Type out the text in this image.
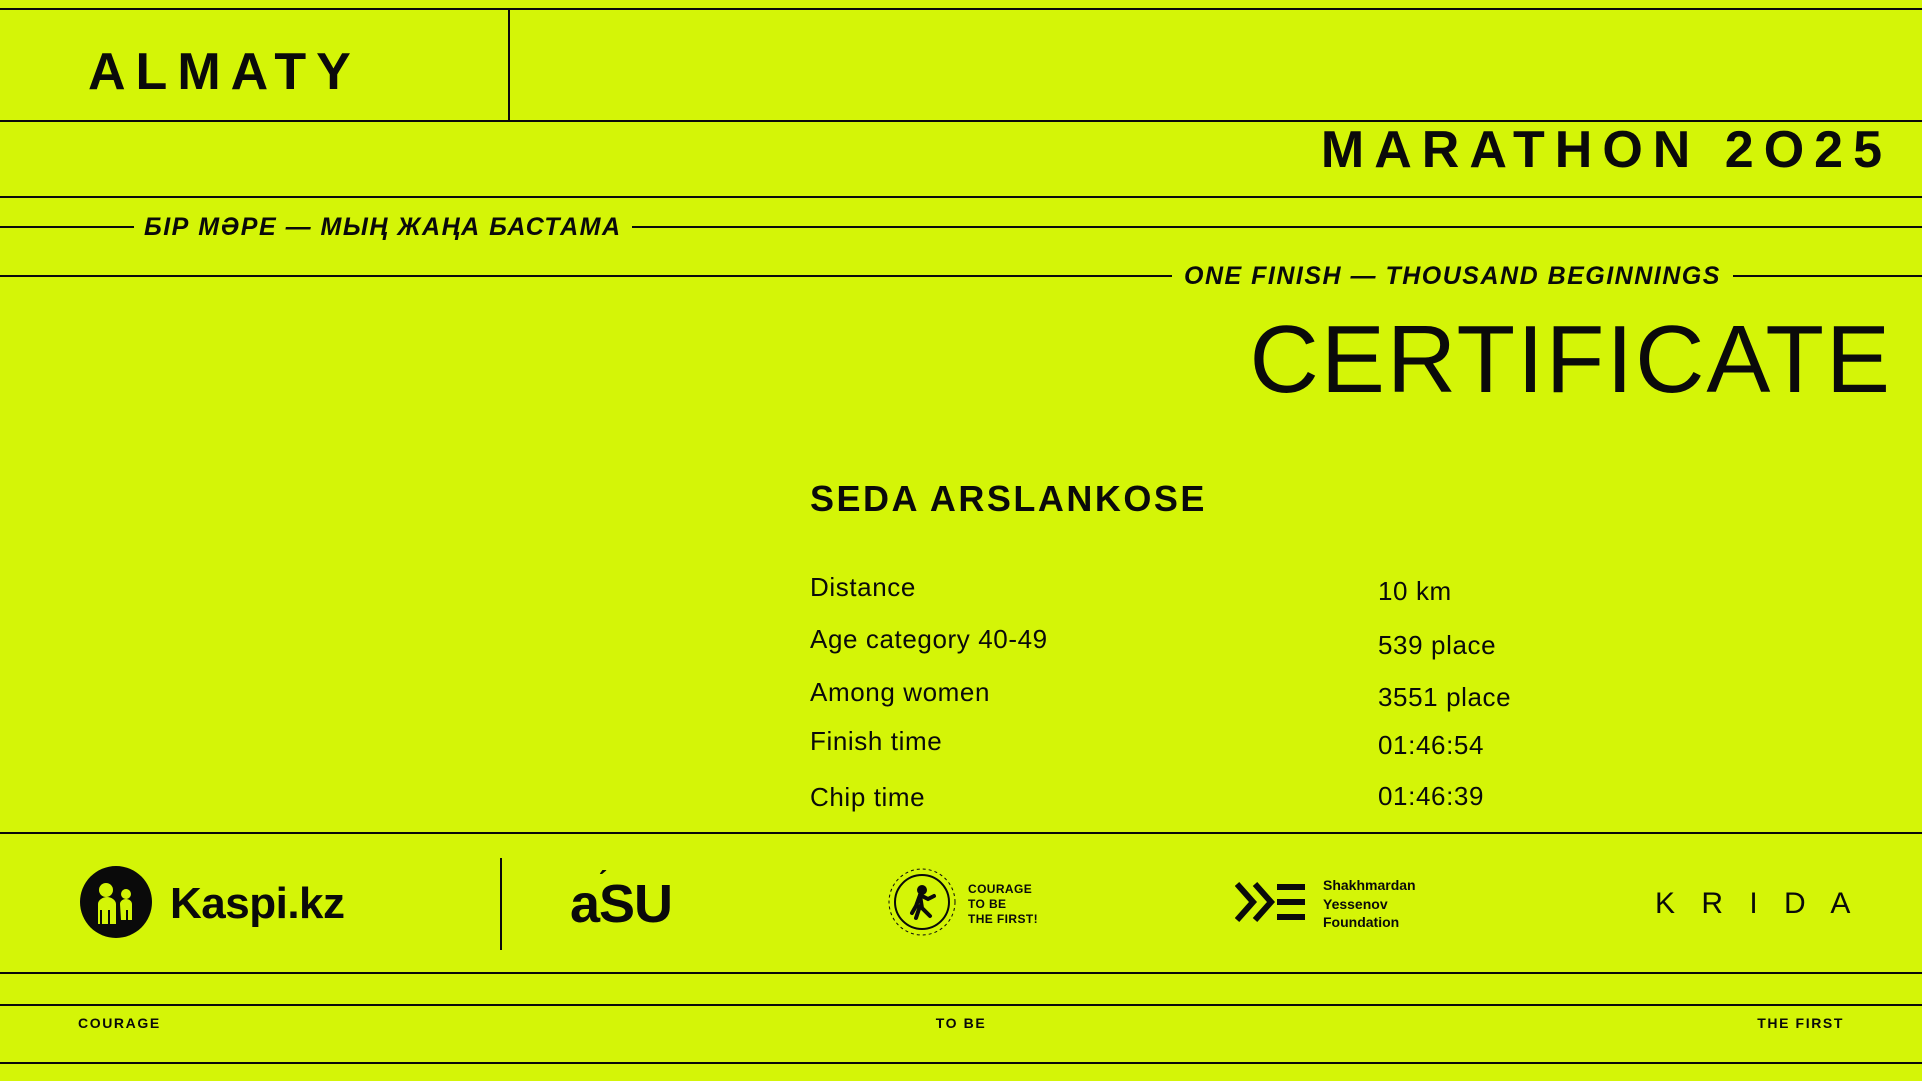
ALMATY
MARATHON 2O25
БІР МӘРЕ — МЫҢ ЖАҢА БАСТАМА
ONE FINISH — THOUSAND BEGINNINGS
CERTIFICATE
SEDA ARSLANKOSE
Distance	10 km
Age category 40-49	539 place
Among women	3551 place
Finish time	01:46:54
Chip time	01:46:39
Kaspi.kz	aSU	COURAGE
TO BE
THE FIRST!
Shakhmardan
Yessenov
Foundation
K R I D A
COURAGE	TO BE	THE FIRST
